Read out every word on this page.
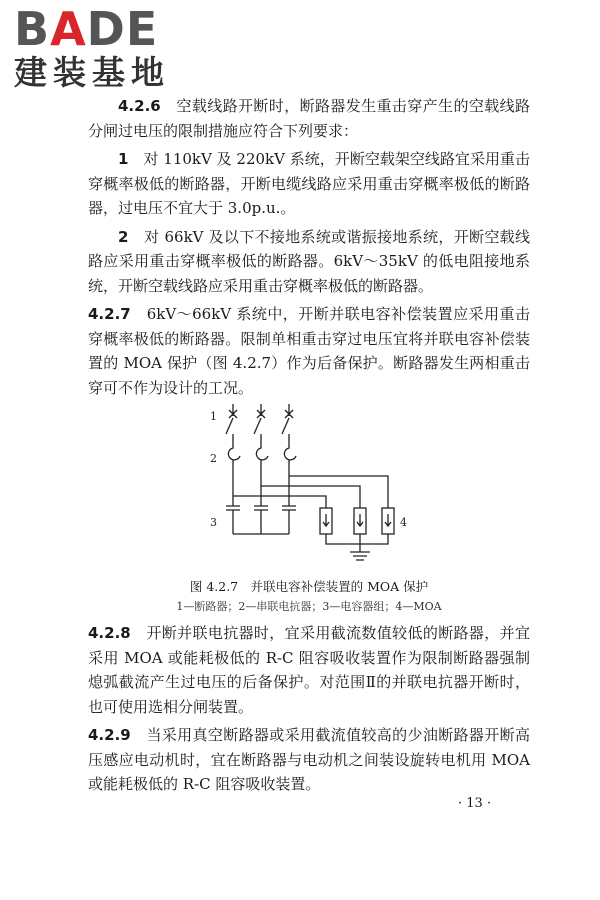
B A D E
建装基地

4.2.6　 空载线路开断时，断路器发生重击穿产生的空载线路分闸过电压的限制措施应符合下列要求：

1　 对 110kV 及 220kV 系统，开断空载架空线路宜采用重击穿概率极低的断路器，开断电缆线路应采用重击穿概率极低的断路器，过电压不宜大于 3.0p.u.。

2　 对 66kV 及以下不接地系统或谐振接地系统，开断空载线路应采用重击穿概率极低的断路器。6kV～35kV 的低电阻接地系统，开断空载线路应采用重击穿概率极低的断路器。

4.2.7　 6kV～66kV 系统中，开断并联电容补偿装置应采用重击穿概率极低的断路器。限制单相重击穿过电压宜将并联电容补偿装置的 MOA 保护（图 4.2.7）作为后备保护。断路器发生两相重击穿可不作为设计的工况。

1
2
3	4
图 4.2.7　并联电容补偿装置的 MOA 保护
1—断路器；2—串联电抗器；3—电容器组；4—MOA

4.2.8　 开断并联电抗器时，宜采用截流数值较低的断路器，并宜采用 MOA 或能耗极低的 R-C 阻容吸收装置作为限制断路器强制熄弧截流产生过电压的后备保护。对范围Ⅱ的并联电抗器开断时，也可使用选相分闸装置。

4.2.9　 当采用真空断路器或采用截流值较高的少油断路器开断高压感应电动机时，宜在断路器与电动机之间装设旋转电机用 MOA 或能耗极低的 R-C 阻容吸收装置。

· 13 ·
